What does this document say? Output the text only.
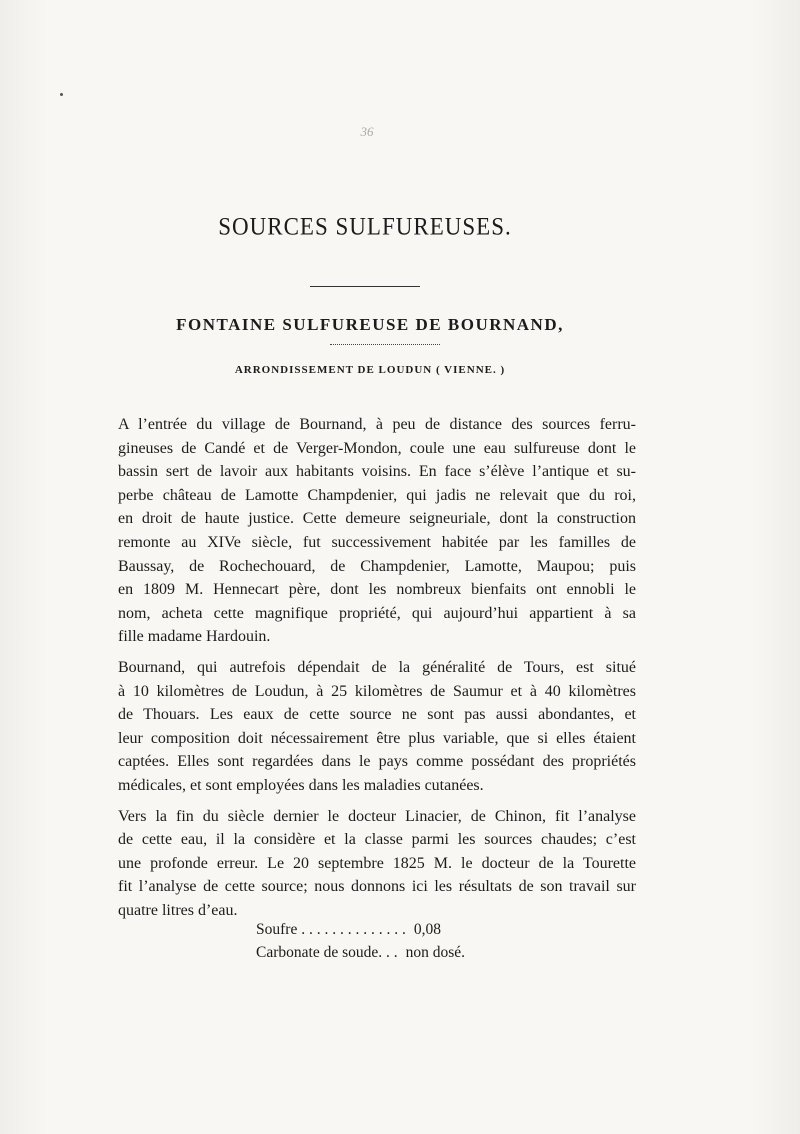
36
SOURCES SULFUREUSES.
FONTAINE SULFUREUSE DE BOURNAND,
ARRONDISSEMENT DE LOUDUN ( VIENNE. )

A l’entrée du village de Bournand, à peu de distance des sources ferru-
gineuses de Candé et de Verger-Mondon, coule une eau sulfureuse dont le
bassin sert de lavoir aux habitants voisins. En face s’élève l’antique et su-
perbe château de Lamotte Champdenier, qui jadis ne relevait que du roi,
en droit de haute justice. Cette demeure seigneuriale, dont la construction
remonte au XIVe siècle, fut successivement habitée par les familles de
Baussay, de Rochechouard, de Champdenier, Lamotte, Maupou; puis
en 1809 M. Hennecart père, dont les nombreux bienfaits ont ennobli le
nom, acheta cette magnifique propriété, qui aujourd’hui appartient à sa
fille madame Hardouin.

Bournand, qui autrefois dépendait de la généralité de Tours, est situé
à 10 kilomètres de Loudun, à 25 kilomètres de Saumur et à 40 kilomètres
de Thouars. Les eaux de cette source ne sont pas aussi abondantes, et
leur composition doit nécessairement être plus variable, que si elles étaient
captées. Elles sont regardées dans le pays comme possédant des propriétés
médicales, et sont employées dans les maladies cutanées.

Vers la fin du siècle dernier le docteur Linacier, de Chinon, fit l’analyse
de cette eau, il la considère et la classe parmi les sources chaudes; c’est
une profonde erreur. Le 20 septembre 1825 M. le docteur de la Tourette
fit l’analyse de cette source; nous donnons ici les résultats de son travail sur
quatre litres d’eau.

Soufre . . . . . . . . . . . . . . 0,08
Carbonate de soude. . . non dosé.
